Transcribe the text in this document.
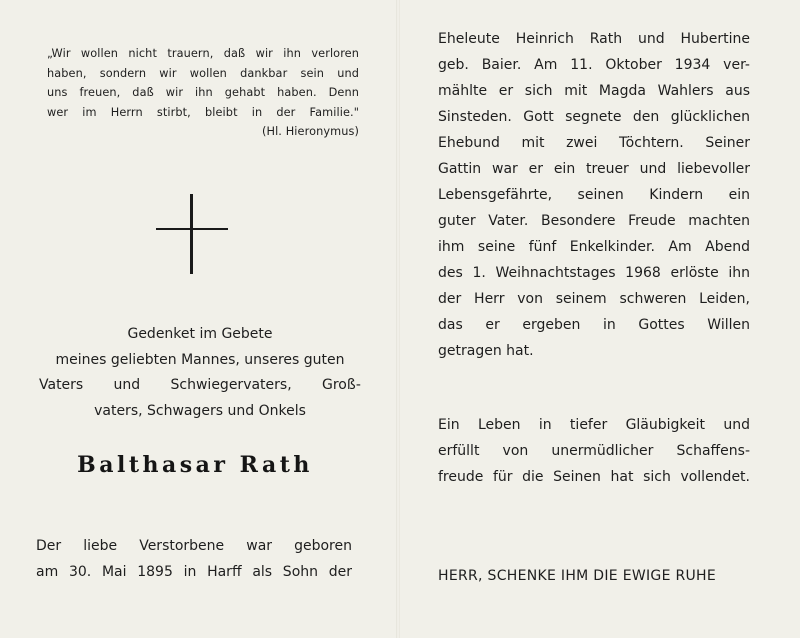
„Wir wollen nicht trauern, daß wir ihn verloren
haben, sondern wir wollen dankbar sein und
uns freuen, daß wir ihn gehabt haben. Denn
wer im Herrn stirbt, bleibt in der Familie."
(Hl. Hieronymus)
Gedenket im Gebete
meines geliebten Mannes, unseres guten
Vaters und Schwiegervaters, Groß-
vaters, Schwagers und Onkels
Balthasar Rath
Der liebe Verstorbene war geboren
am 30. Mai 1895 in Harff als Sohn der
Eheleute Heinrich Rath und Hubertine
geb. Baier. Am 11. Oktober 1934 ver-
mählte er sich mit Magda Wahlers aus
Sinsteden. Gott segnete den glücklichen
Ehebund mit zwei Töchtern. Seiner
Gattin war er ein treuer und liebevoller
Lebensgefährte, seinen Kindern ein
guter Vater. Besondere Freude machten
ihm seine fünf Enkelkinder. Am Abend
des 1. Weihnachtstages 1968 erlöste ihn
der Herr von seinem schweren Leiden,
das er ergeben in Gottes Willen
getragen hat.
Ein Leben in tiefer Gläubigkeit und
erfüllt von unermüdlicher Schaffens-
freude für die Seinen hat sich vollendet.
HERR, SCHENKE IHM DIE EWIGE RUHE
